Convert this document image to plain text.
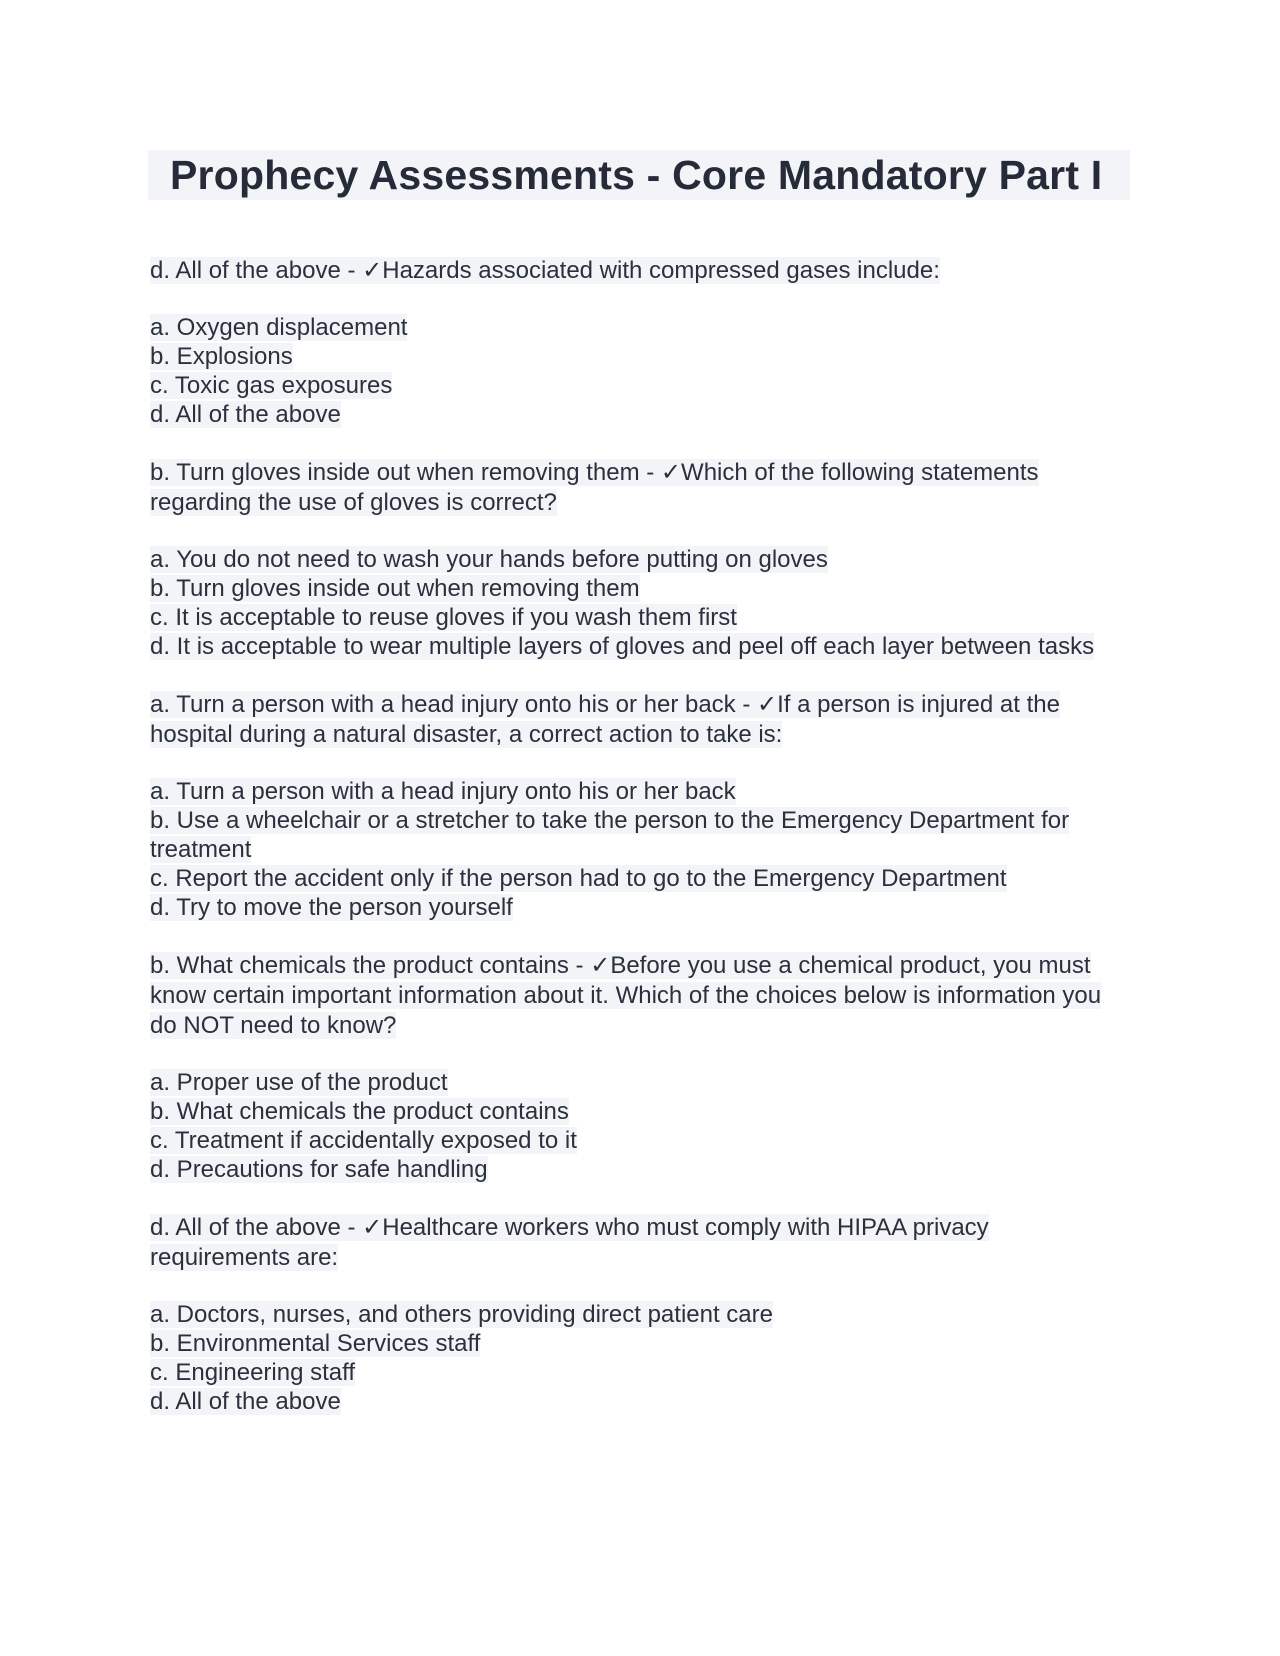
Prophecy Assessments - Core Mandatory Part I

d. All of the above - ✓Hazards associated with compressed gases include:

a. Oxygen displacement
b. Explosions
c. Toxic gas exposures
d. All of the above

b. Turn gloves inside out when removing them - ✓Which of the following statements regarding the use of gloves is correct?

a. You do not need to wash your hands before putting on gloves
b. Turn gloves inside out when removing them
c. It is acceptable to reuse gloves if you wash them first
d. It is acceptable to wear multiple layers of gloves and peel off each layer between tasks

a. Turn a person with a head injury onto his or her back - ✓If a person is injured at the hospital during a natural disaster, a correct action to take is:

a. Turn a person with a head injury onto his or her back
b. Use a wheelchair or a stretcher to take the person to the Emergency Department for treatment
c. Report the accident only if the person had to go to the Emergency Department
d. Try to move the person yourself

b. What chemicals the product contains - ✓Before you use a chemical product, you must know certain important information about it. Which of the choices below is information you do NOT need to know?

a. Proper use of the product
b. What chemicals the product contains
c. Treatment if accidentally exposed to it
d. Precautions for safe handling

d. All of the above - ✓Healthcare workers who must comply with HIPAA privacy requirements are:

a. Doctors, nurses, and others providing direct patient care
b. Environmental Services staff
c. Engineering staff
d. All of the above
